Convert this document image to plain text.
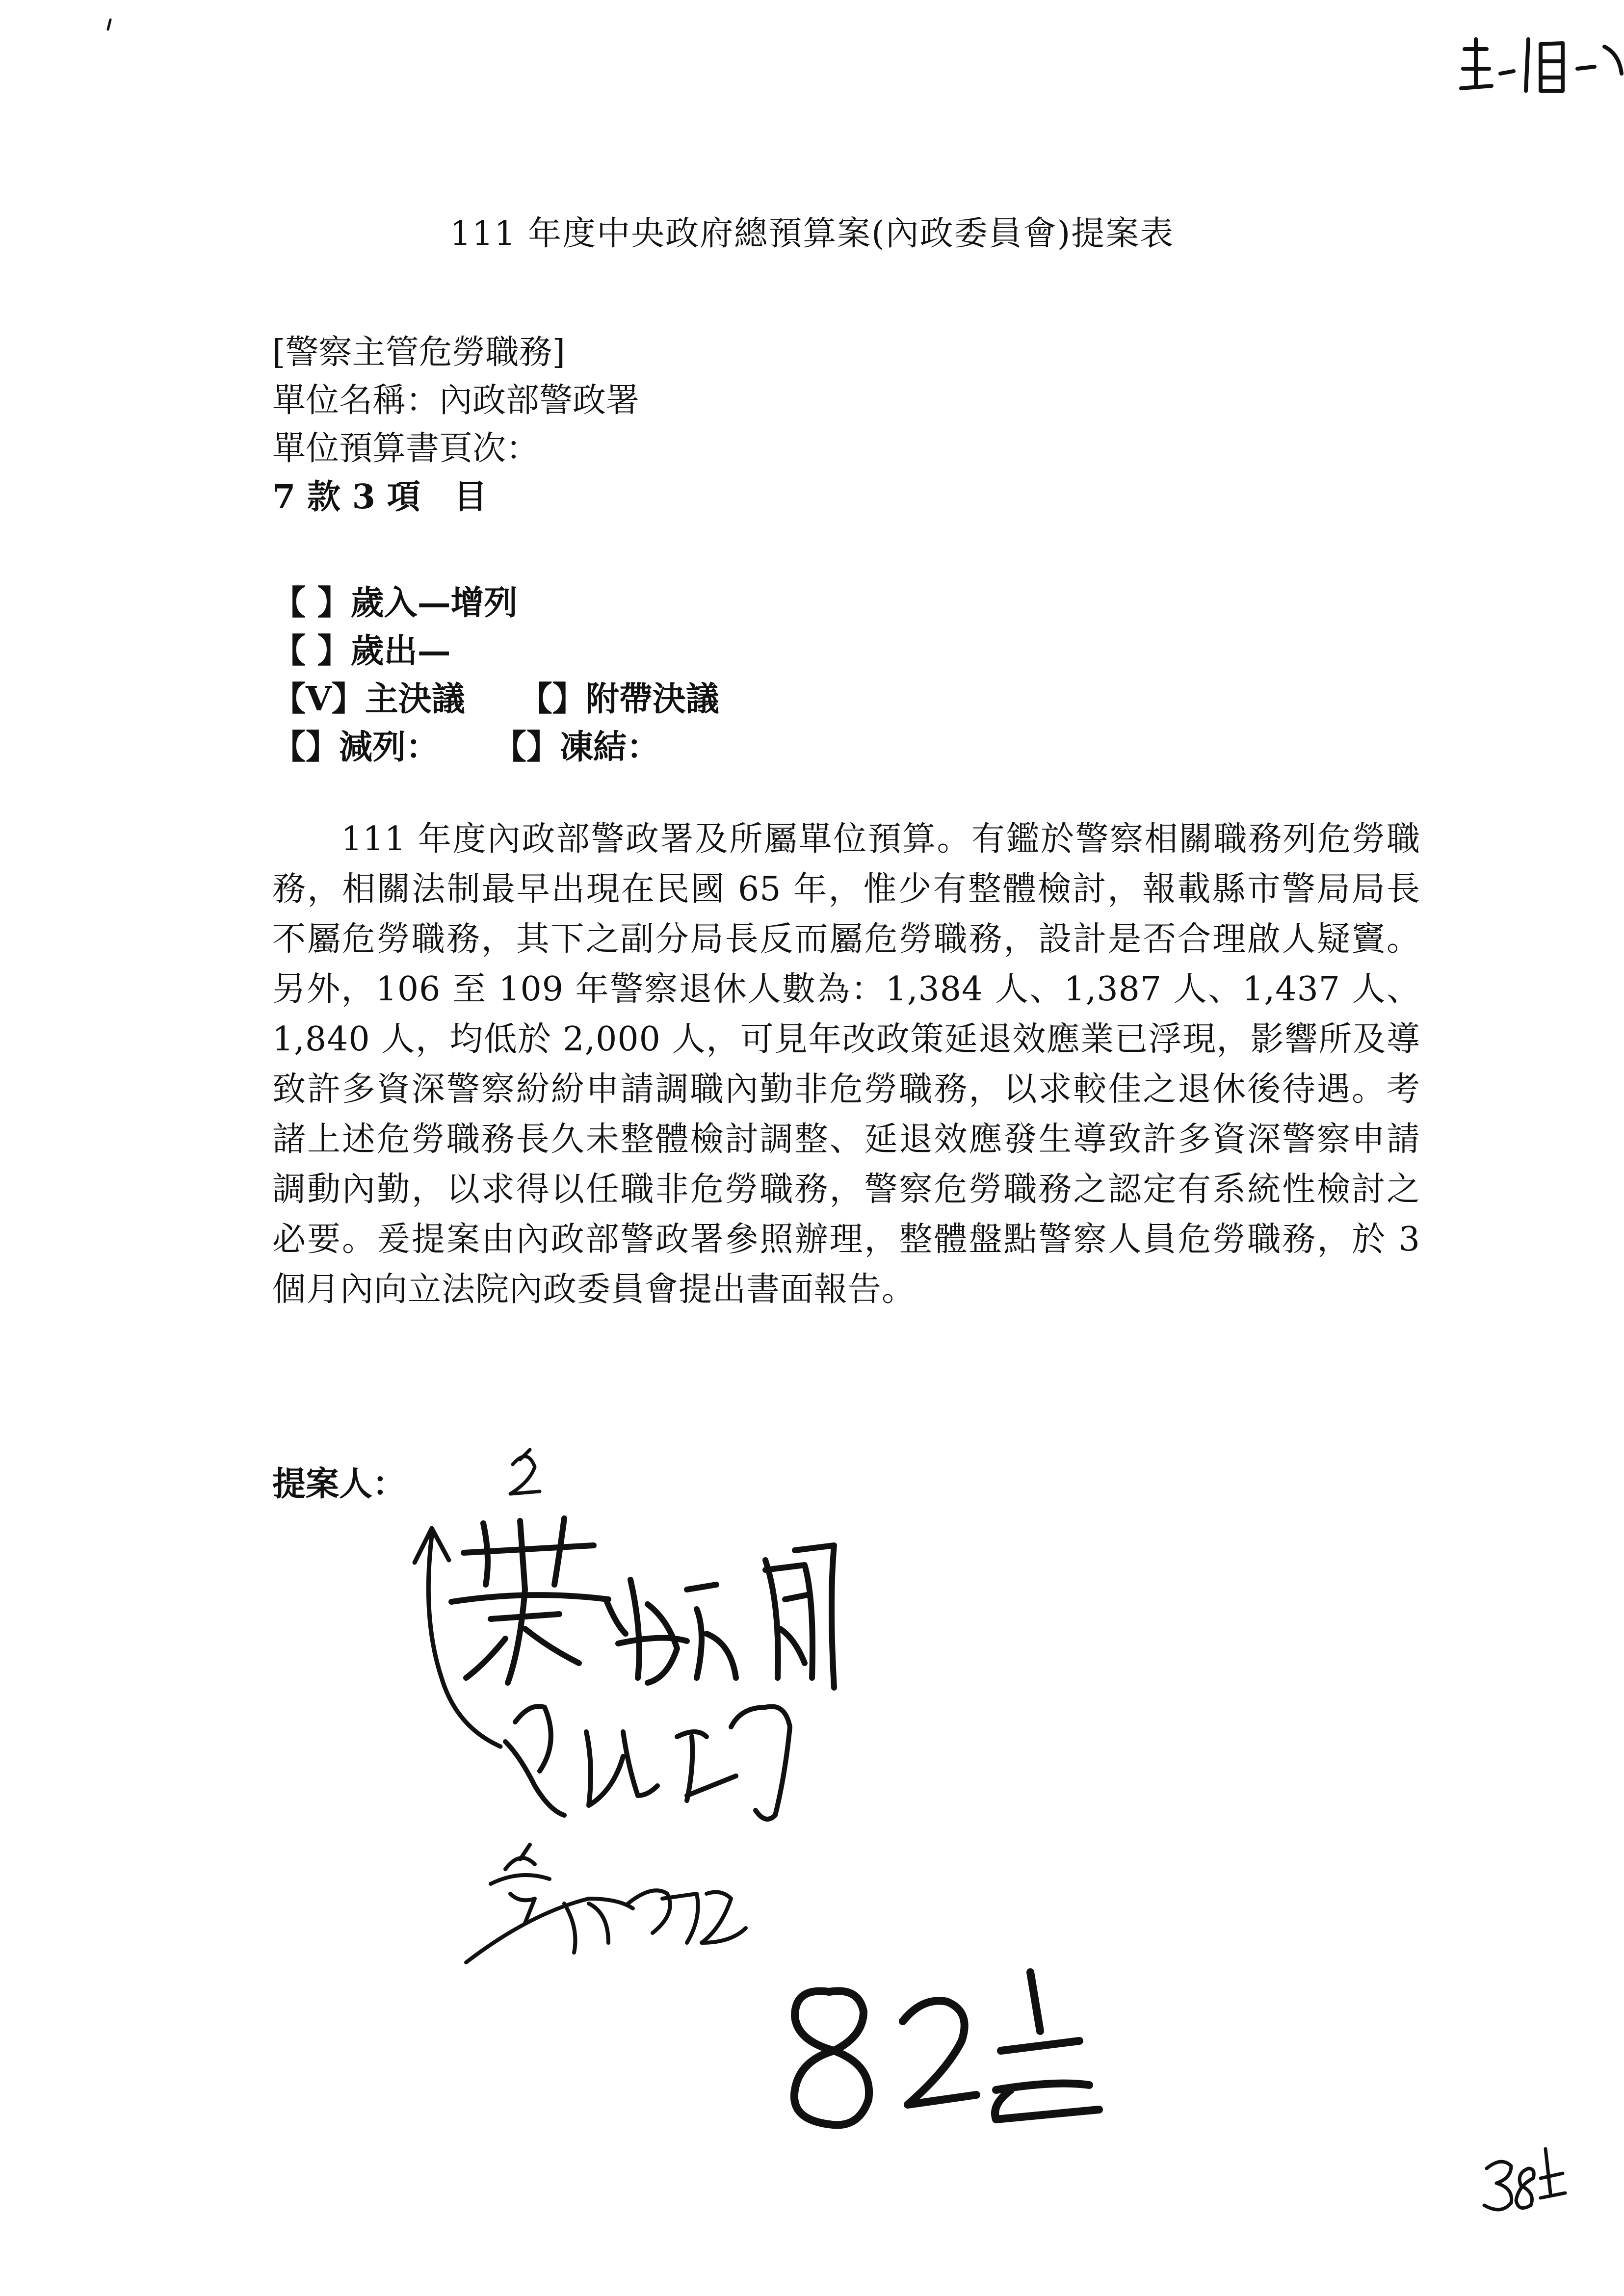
111 年度中央政府總預算案(內政委員會)提案表
[警察主管危勞職務]
單位名稱：內政部警政署
單位預算書頁次：
7 款 3 項　目
【 】歲入—增列
【 】歲出—
【V】主決議 【】附帶決議
【】減列： 【】凍結：
111 年度內政部警政署及所屬單位預算。有鑑於警察相關職務列危勞職務，相關法制最早出現在民國 65 年，惟少有整體檢討，報載縣市警局局長不屬危勞職務，其下之副分局長反而屬危勞職務，設計是否合理啟人疑竇。另外，106 至 109 年警察退休人數為：1,384 人、1,387 人、1,437 人、1,840 人，均低於 2,000 人，可見年改政策延退效應業已浮現，影響所及導致許多資深警察紛紛申請調職內勤非危勞職務，以求較佳之退休後待遇。考諸上述危勞職務長久未整體檢討調整、延退效應發生導致許多資深警察申請調動內勤，以求得以任職非危勞職務，警察危勞職務之認定有系統性檢討之必要。爰提案由內政部警政署參照辦理，整體盤點警察人員危勞職務，於 3 個月內向立法院內政委員會提出書面報告。
提案人：
